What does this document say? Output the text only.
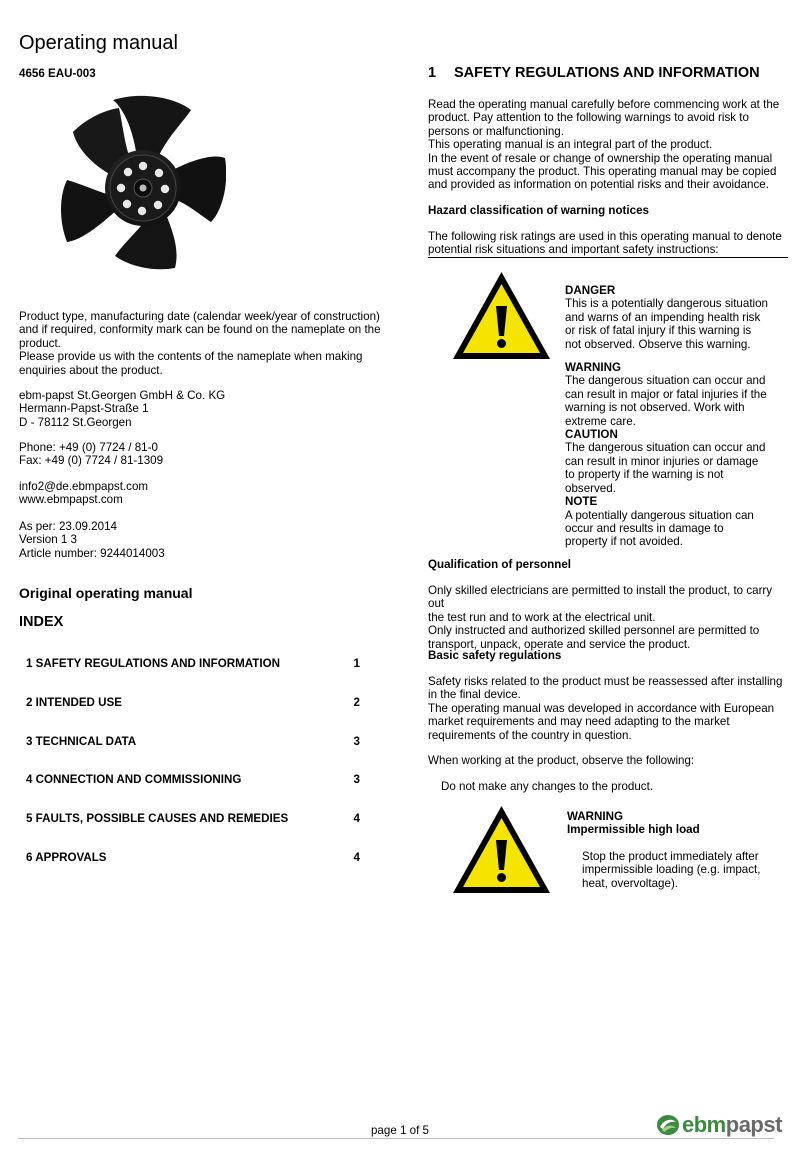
Operating manual
4656 EAU-003

Product type, manufacturing date (calendar week/year of construction)

and if required, conformity mark can be found on the nameplate on the

product.

Please provide us with the contents of the nameplate when making

enquiries about the product.

ebm-papst St.Georgen GmbH & Co. KG

Hermann-Papst-Straße 1

D - 78112 St.Georgen

Phone: +49 (0) 7724 / 81-0

Fax: +49 (0) 7724 / 81-1309

info2@de.ebmpapst.com

www.ebmpapst.com

As per: 23.09.2014

Version 1 3

Article number: 9244014003

Original operating manual
INDEX
1 SAFETY REGULATIONS AND INFORMATION	1
2 INTENDED USE	2
3 TECHNICAL DATA	3
4 CONNECTION AND COMMISSIONING	3
5 FAULTS, POSSIBLE CAUSES AND REMEDIES	4
6 APPROVALS	4
1 SAFETY REGULATIONS AND INFORMATION

Read the operating manual carefully before commencing work at the

product. Pay attention to the following warnings to avoid risk to

persons or malfunctioning.

This operating manual is an integral part of the product.

In the event of resale or change of ownership the operating manual

must accompany the product. This operating manual may be copied

and provided as information on potential risks and their avoidance.

Hazard classification of warning notices

The following risk ratings are used in this operating manual to denote

potential risk situations and important safety instructions:

DANGER

This is a potentially dangerous situation

and warns of an impending health risk

or risk of fatal injury if this warning is

not observed. Observe this warning.

WARNING

The dangerous situation can occur and

can result in major or fatal injuries if the

warning is not observed. Work with

extreme care.

CAUTION

The dangerous situation can occur and

can result in minor injuries or damage

to property if the warning is not

observed.

NOTE

A potentially dangerous situation can

occur and results in damage to

property if not avoided.

Qualification of personnel

Only skilled electricians are permitted to install the product, to carry out

the test run and to work at the electrical unit.

Only instructed and authorized skilled personnel are permitted to

transport, unpack, operate and service the product.

Basic safety regulations

Safety risks related to the product must be reassessed after installing

in the final device.

The operating manual was developed in accordance with European

market requirements and may need adapting to the market

requirements of the country in question.

When working at the product, observe the following:
Do not make any changes to the product.

WARNING

Impermissible high load

Stop the product immediately after

impermissible loading (e.g. impact,

heat, overvoltage).

page 1 of 5	ebmpapst
